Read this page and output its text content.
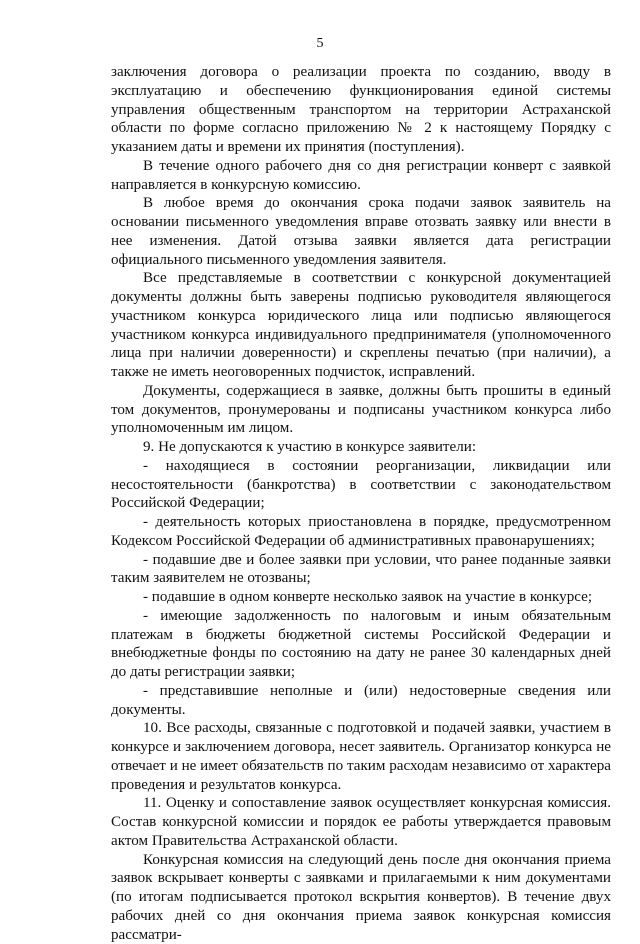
5

заключения договора о реализации проекта по созданию, вводу в эксплуатацию и обеспечению функционирования единой системы управления общественным транспортом на территории Астраханской области по форме согласно приложению № 2 к настоящему Порядку с указанием даты и времени их принятия (поступления).

В течение одного рабочего дня со дня регистрации конверт с заявкой направляется в конкурсную комиссию.

В любое время до окончания срока подачи заявок заявитель на основании письменного уведомления вправе отозвать заявку или внести в нее изменения. Датой отзыва заявки является дата регистрации официального письменного уведомления заявителя.

Все представляемые в соответствии с конкурсной документацией документы должны быть заверены подписью руководителя являющегося участником конкурса юридического лица или подписью являющегося участником конкурса индивидуального предпринимателя (уполномоченного лица при наличии доверенности) и скреплены печатью (при наличии), а также не иметь неоговоренных подчисток, исправлений.

Документы, содержащиеся в заявке, должны быть прошиты в единый том документов, пронумерованы и подписаны участником конкурса либо уполномоченным им лицом.

9. Не допускаются к участию в конкурсе заявители:

- находящиеся в состоянии реорганизации, ликвидации или несостоятельности (банкротства) в соответствии с законодательством Российской Федерации;

- деятельность которых приостановлена в порядке, предусмотренном Кодексом Российской Федерации об административных правонарушениях;

- подавшие две и более заявки при условии, что ранее поданные заявки таким заявителем не отозваны;

- подавшие в одном конверте несколько заявок на участие в конкурсе;

- имеющие задолженность по налоговым и иным обязательным платежам в бюджеты бюджетной системы Российской Федерации и внебюджетные фонды по состоянию на дату не ранее 30 календарных дней до даты регистрации заявки;

- представившие неполные и (или) недостоверные сведения или документы.

10. Все расходы, связанные с подготовкой и подачей заявки, участием в конкурсе и заключением договора, несет заявитель. Организатор конкурса не отвечает и не имеет обязательств по таким расходам независимо от характера проведения и результатов конкурса.

11. Оценку и сопоставление заявок осуществляет конкурсная комиссия. Состав конкурсной комиссии и порядок ее работы утверждается правовым актом Правительства Астраханской области.

Конкурсная комиссия на следующий день после дня окончания приема заявок вскрывает конверты с заявками и прилагаемыми к ним документами (по итогам подписывается протокол вскрытия конвертов). В течение двух рабочих дней со дня окончания приема заявок конкурсная комиссия рассматри-
